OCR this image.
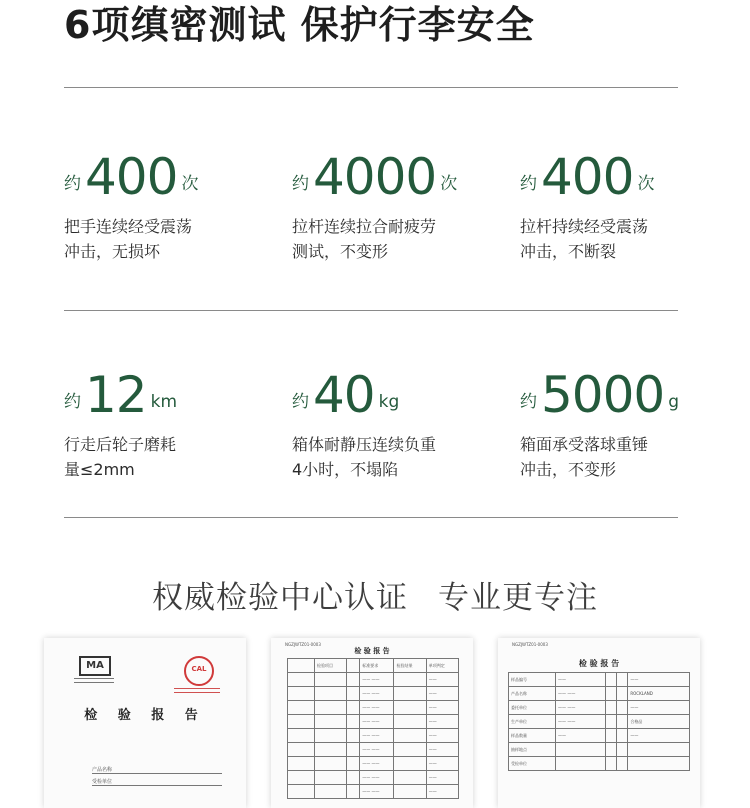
6项缜密测试 保护行李安全
约 400 次
把手连续经受震荡
冲击，无损坏
约 4000 次
拉杆连续拉合耐疲劳
测试，不变形
约 400 次
拉杆持续经受震荡
冲击，不断裂
约 12 km
行走后轮子磨耗
量≤2mm
约 40 kg
箱体耐静压连续负重
4小时，不塌陷
约 5000 g
箱面承受落球重锤
冲击，不变形
权威检验中心认证 专业更专注
MA	CAL
检 验 报 告
产品名称
受检单位
NGZJWTZ01-0003
检 验 报 告
	检验项目		标准要求	检验结果	单项判定
			—— ——		——
			—— ——		——
			—— ——		——
			—— ——		——
			—— ——		——
			—— ——		——
			—— ——		——
			—— ——		——
			—— ——		——
NGZJWTZ01-0003
检 验 报 告
样品编号	——			——
产品名称	—— ——			ROCKLAND
委托单位	—— ——			——
生产单位	—— ——			合格品
样品数量	——			——
抽样地点				
受检单位				
